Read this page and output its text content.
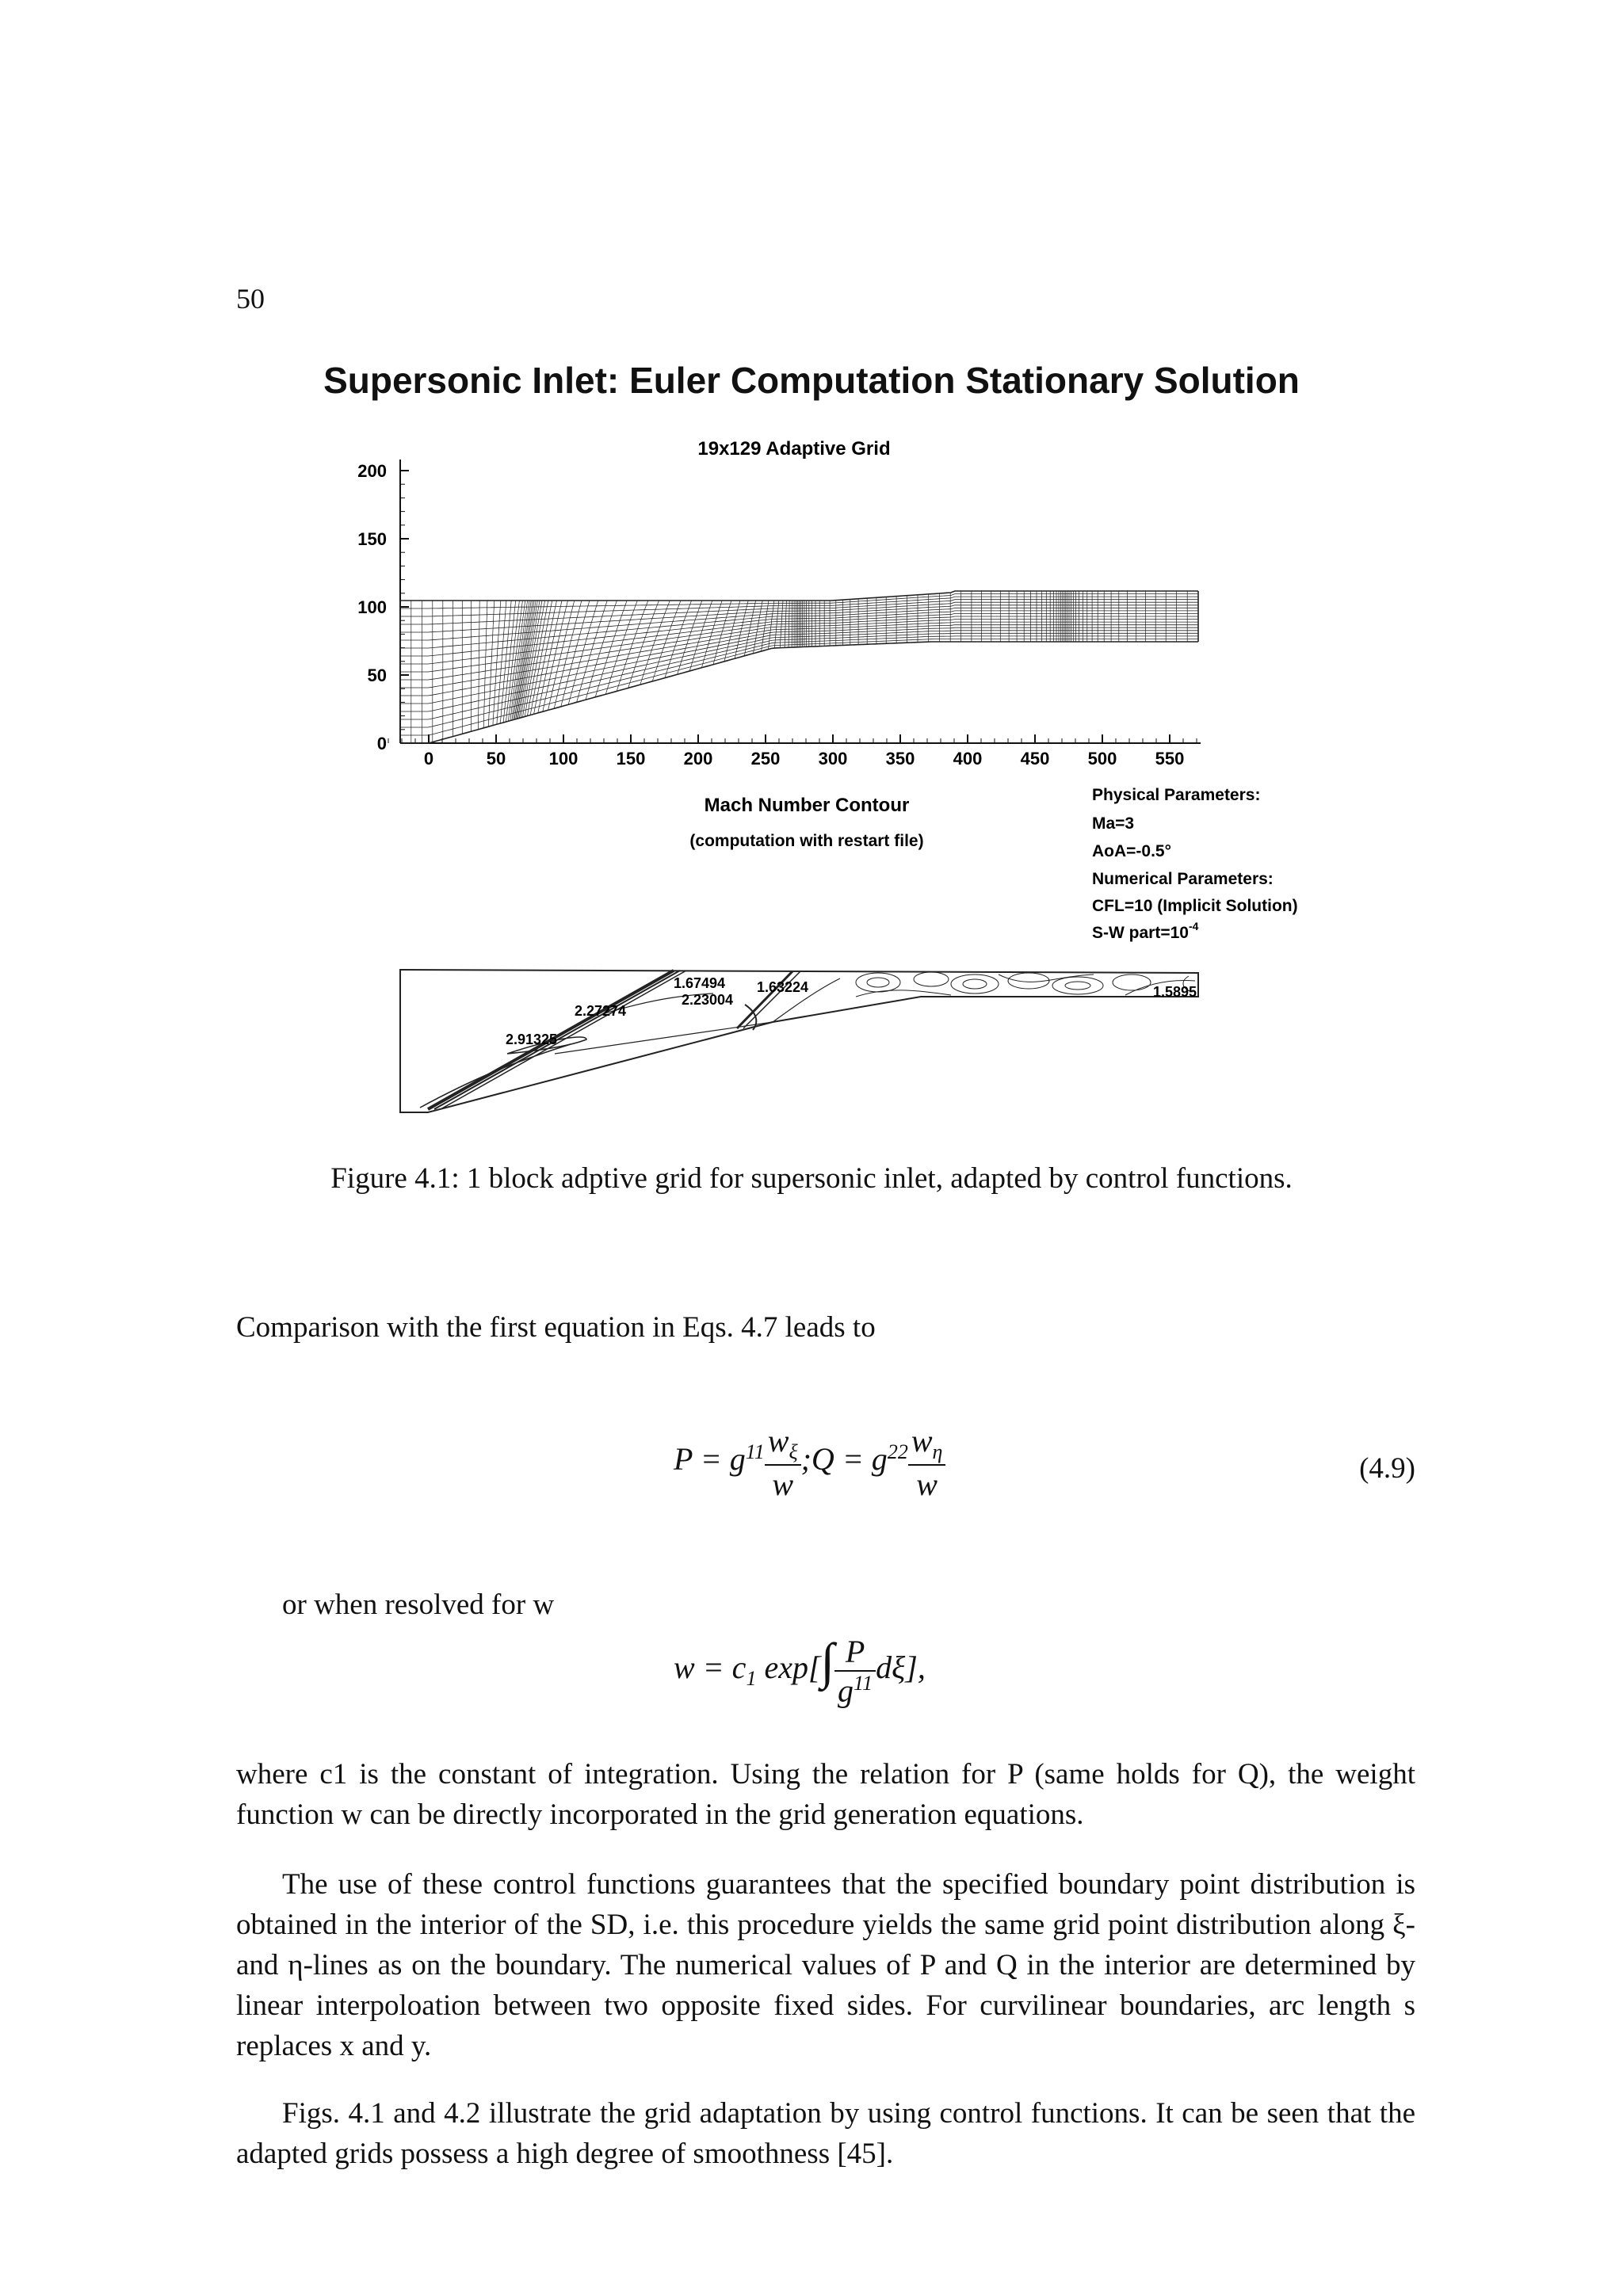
50
Supersonic Inlet: Euler Computation Stationary Solution
19x129 Adaptive Grid
200
150
100
50
0
0	50 100 150 200 250 300 350 400 450 500 550
Mach Number Contour
(computation with restart file)
Physical Parameters:
Ma=3
AoA=-0.5°
Numerical Parameters:
CFL=10 (Implicit Solution)
S-W $part=10^{-4}$
1.67494 1.63224
2.23004
2.27274
2.91325
1.5895
Figure 4.1: 1 block adptive grid for supersonic inlet, adapted by control functions.
Comparison with the first equation in Eqs. 4.7 leads to
$P = g^{11} \frac{w_\xi}{w}$ ;Q = $g^{22} \frac{w_\eta}{w}$	(4.9)
or when resolved for w
$w = c_1$ $\exp[\int \frac{P}{g^{11}} d\xi]$,
where c1 is the constant of integration. Using the relation for P (same holds for Q), the weight function w can be directly incorporated in the grid generation equations.
The use of these control functions guarantees that the specified boundary point distribution is obtained in the interior of the SD, i.e. this procedure yields the same grid point distribution along ξ- and η-lines as on the boundary. The numerical values of P and Q in the interior are determined by linear interpoloation between two opposite fixed sides. For curvilinear boundaries, arc length s replaces x and y.
Figs. 4.1 and 4.2 illustrate the grid adaptation by using control functions. It can be seen that the adapted grids possess a high degree of smoothness [45].
